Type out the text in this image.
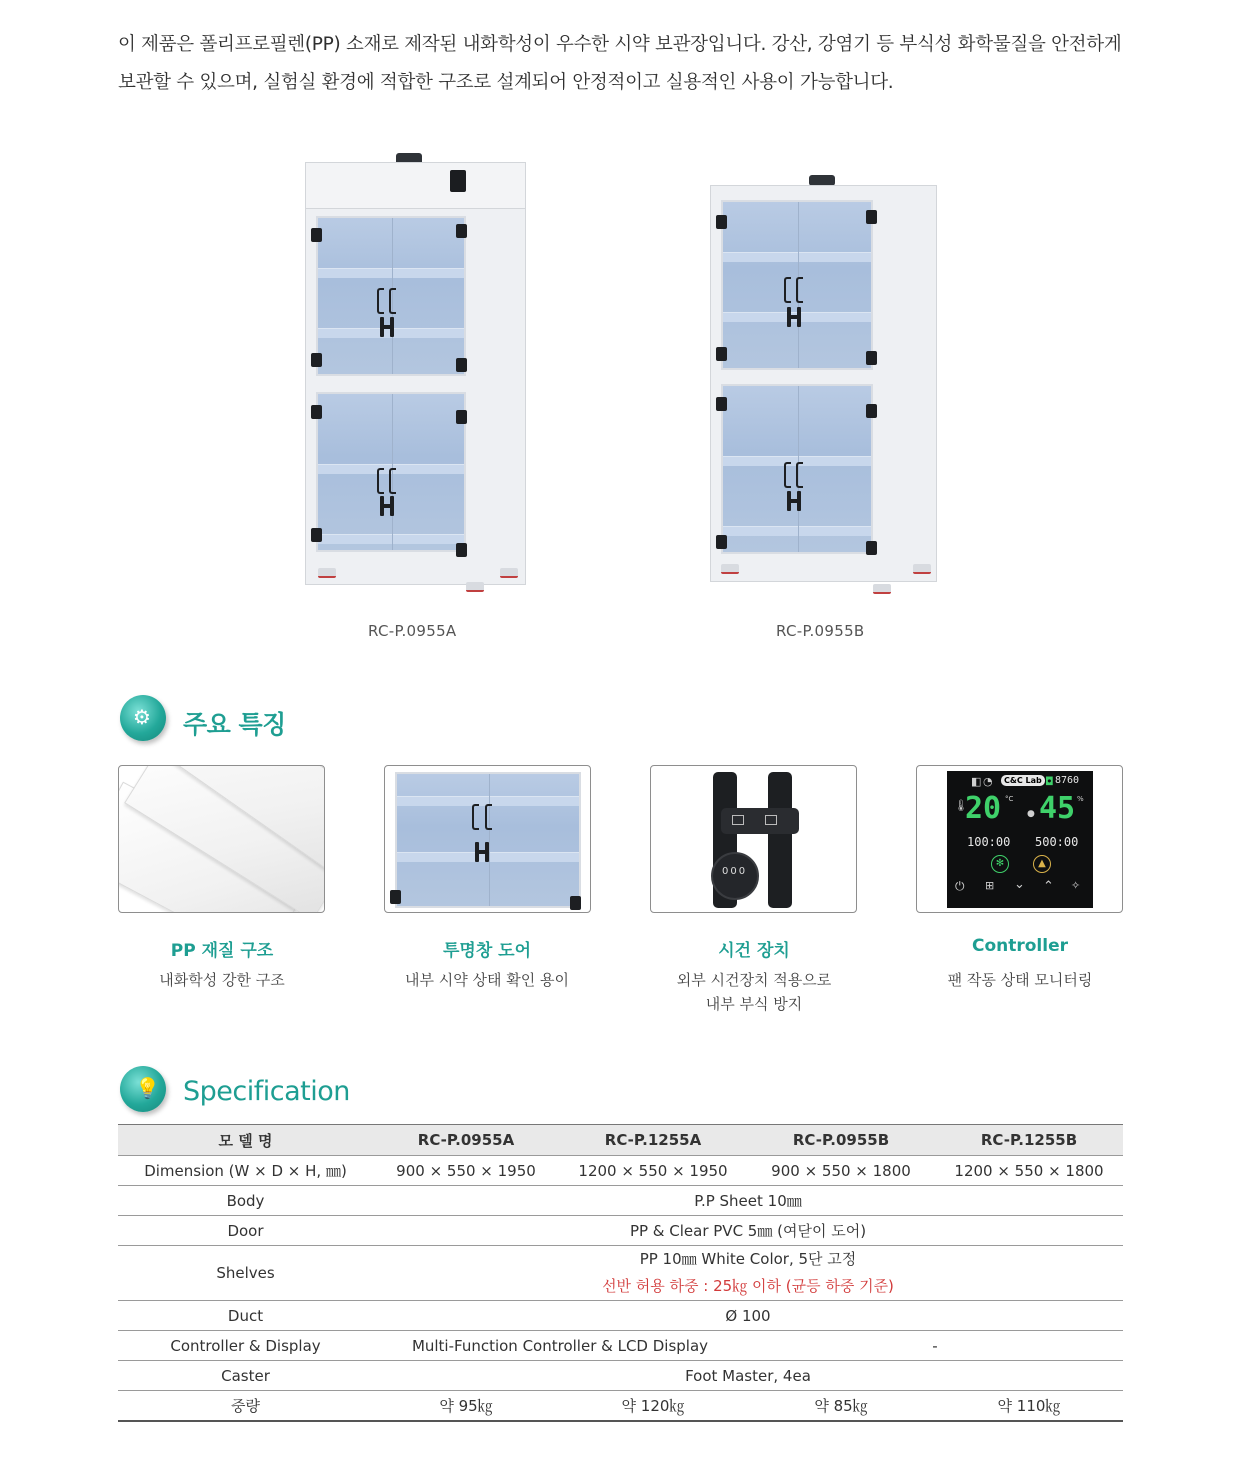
이 제품은 폴리프로필렌(PP) 소재로 제작된 내화학성이 우수한 시약 보관장입니다. 강산, 강염기 등 부식성 화학물질을 안전하게

보관할 수 있으며, 실험실 환경에 적합한 구조로 설계되어 안정적이고 실용적인 사용이 가능합니다.

RC-P.0955A	RC-P.0955B
⚙ 주요 특징
PP 재질 구조
내화학성 강한 구조
투명창 도어
내부 시약 상태 확인 용이
000
시건 장치
외부 시건장치 적용으로
내부 부식 방지
◧ ◔	C&C Lab ◘ 8760
🌡
20 °C
● 45 %
100:00 500:00
✻	▲
⏻ ⊞ ⌄ ⌃ ✧
Controller
팬 작동 상태 모니터링
💡 Specification
모 델 명	RC-P.0955A	RC-P.1255A	RC-P.0955B	RC-P.1255B
Dimension (W × D × H, ㎜)	900 × 550 × 1950	1200 × 550 × 1950	900 × 550 × 1800	1200 × 550 × 1800
Body	P.P Sheet 10㎜			
Door	PP & Clear PVC 5㎜ (여닫이 도어)			
Shelves	PP 10㎜ White Color, 5단 고정
선반 허용 하중 : 25㎏ 이하 (균등 하중 기준)			

Duct	Ø 100			
Controller & Display	Multi-Function Controller & LCD Display		-	
Caster	Foot Master, 4ea			
중량	약 95㎏	약 120㎏	약 85㎏	약 110㎏
